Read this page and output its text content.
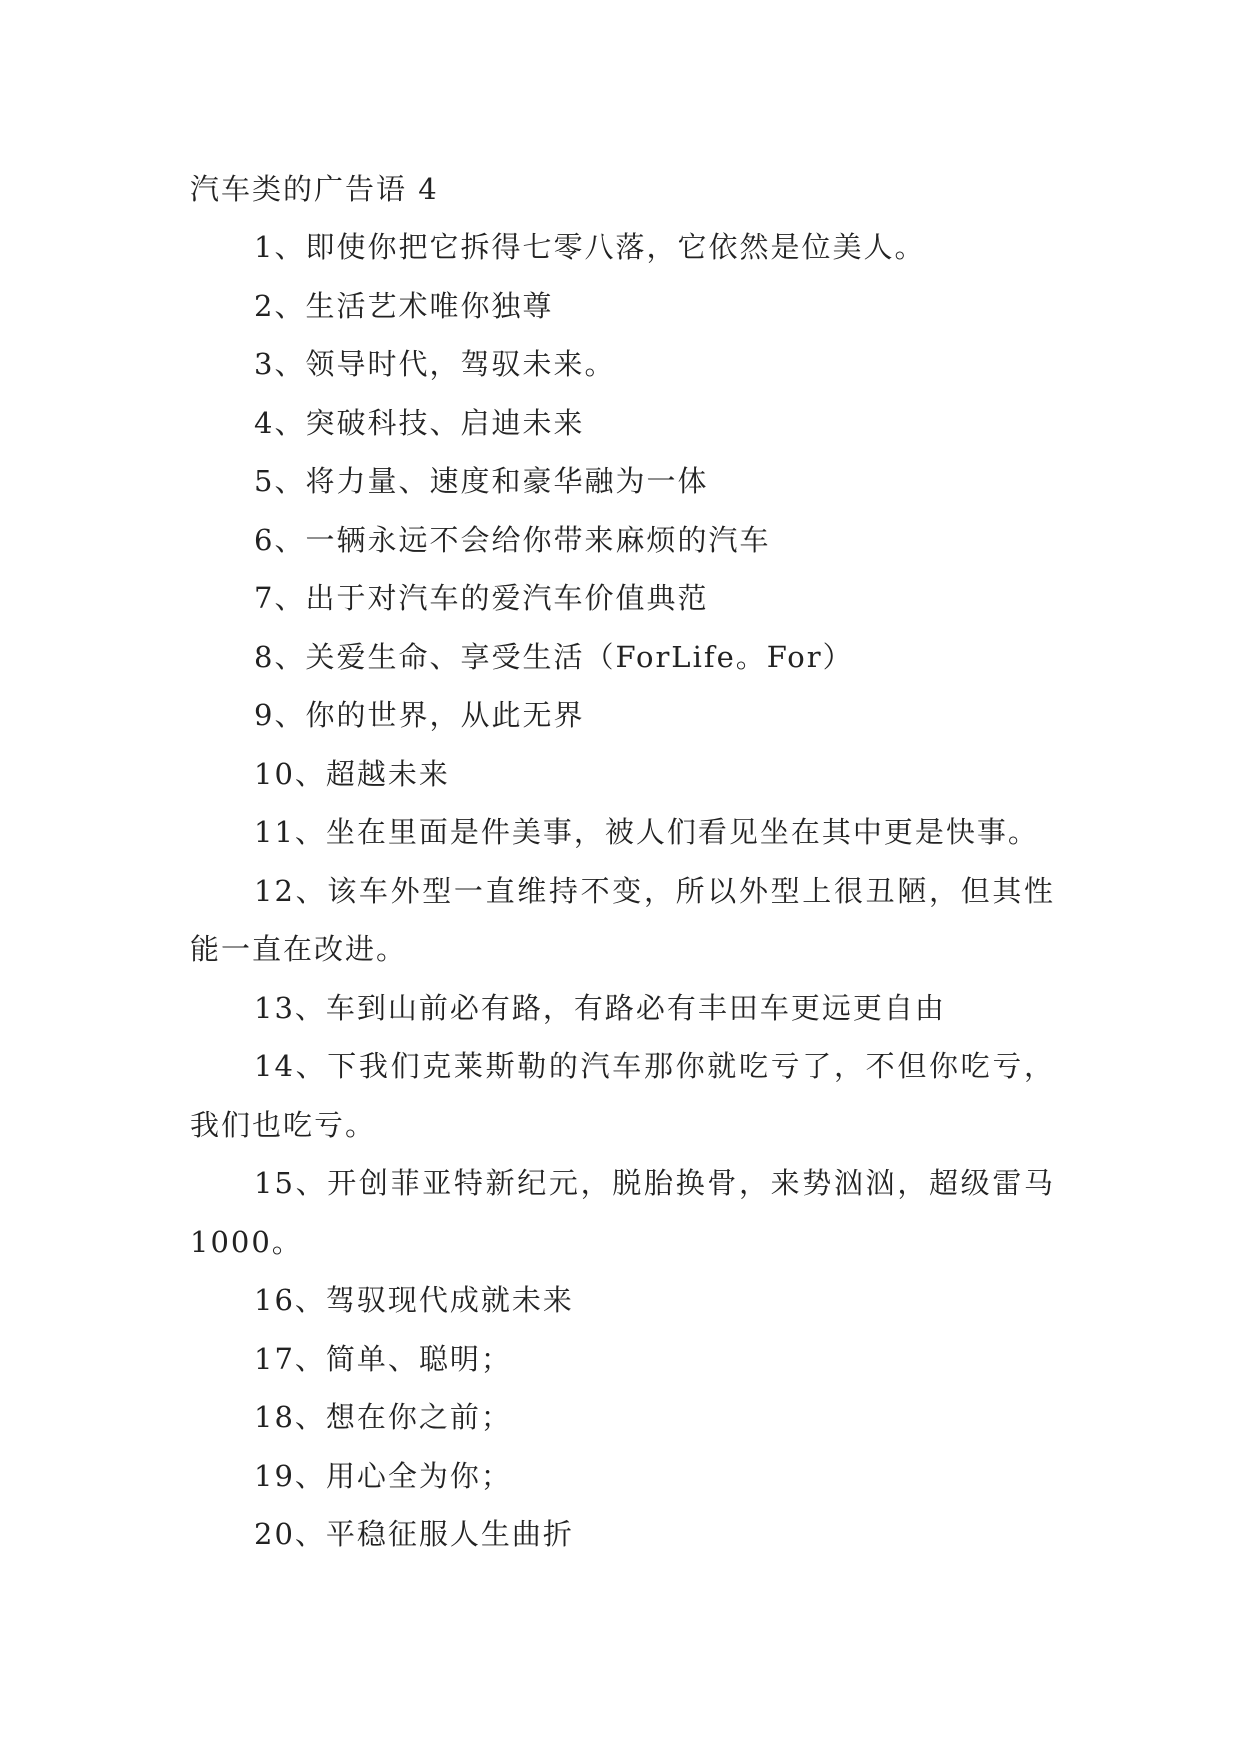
汽车类的广告语 4

1、即使你把它拆得七零八落，它依然是位美人。

2、生活艺术唯你独尊

3、领导时代，驾驭未来。

4、突破科技、启迪未来

5、将力量、速度和豪华融为一体

6、一辆永远不会给你带来麻烦的汽车

7、出于对汽车的爱汽车价值典范

8、关爱生命、享受生活（ForLife。For）

9、你的世界，从此无界

10、超越未来

11、坐在里面是件美事，被人们看见坐在其中更是快事。

12、该车外型一直维持不变，所以外型上很丑陋，但其性能一直在改进。

13、车到山前必有路，有路必有丰田车更远更自由

14、下我们克莱斯勒的汽车那你就吃亏了，不但你吃亏，我们也吃亏。

15、开创菲亚特新纪元，脱胎换骨，来势汹汹，超级雷马 1000。

16、驾驭现代成就未来

17、简单、聪明；

18、想在你之前；

19、用心全为你；

20、平稳征服人生曲折
